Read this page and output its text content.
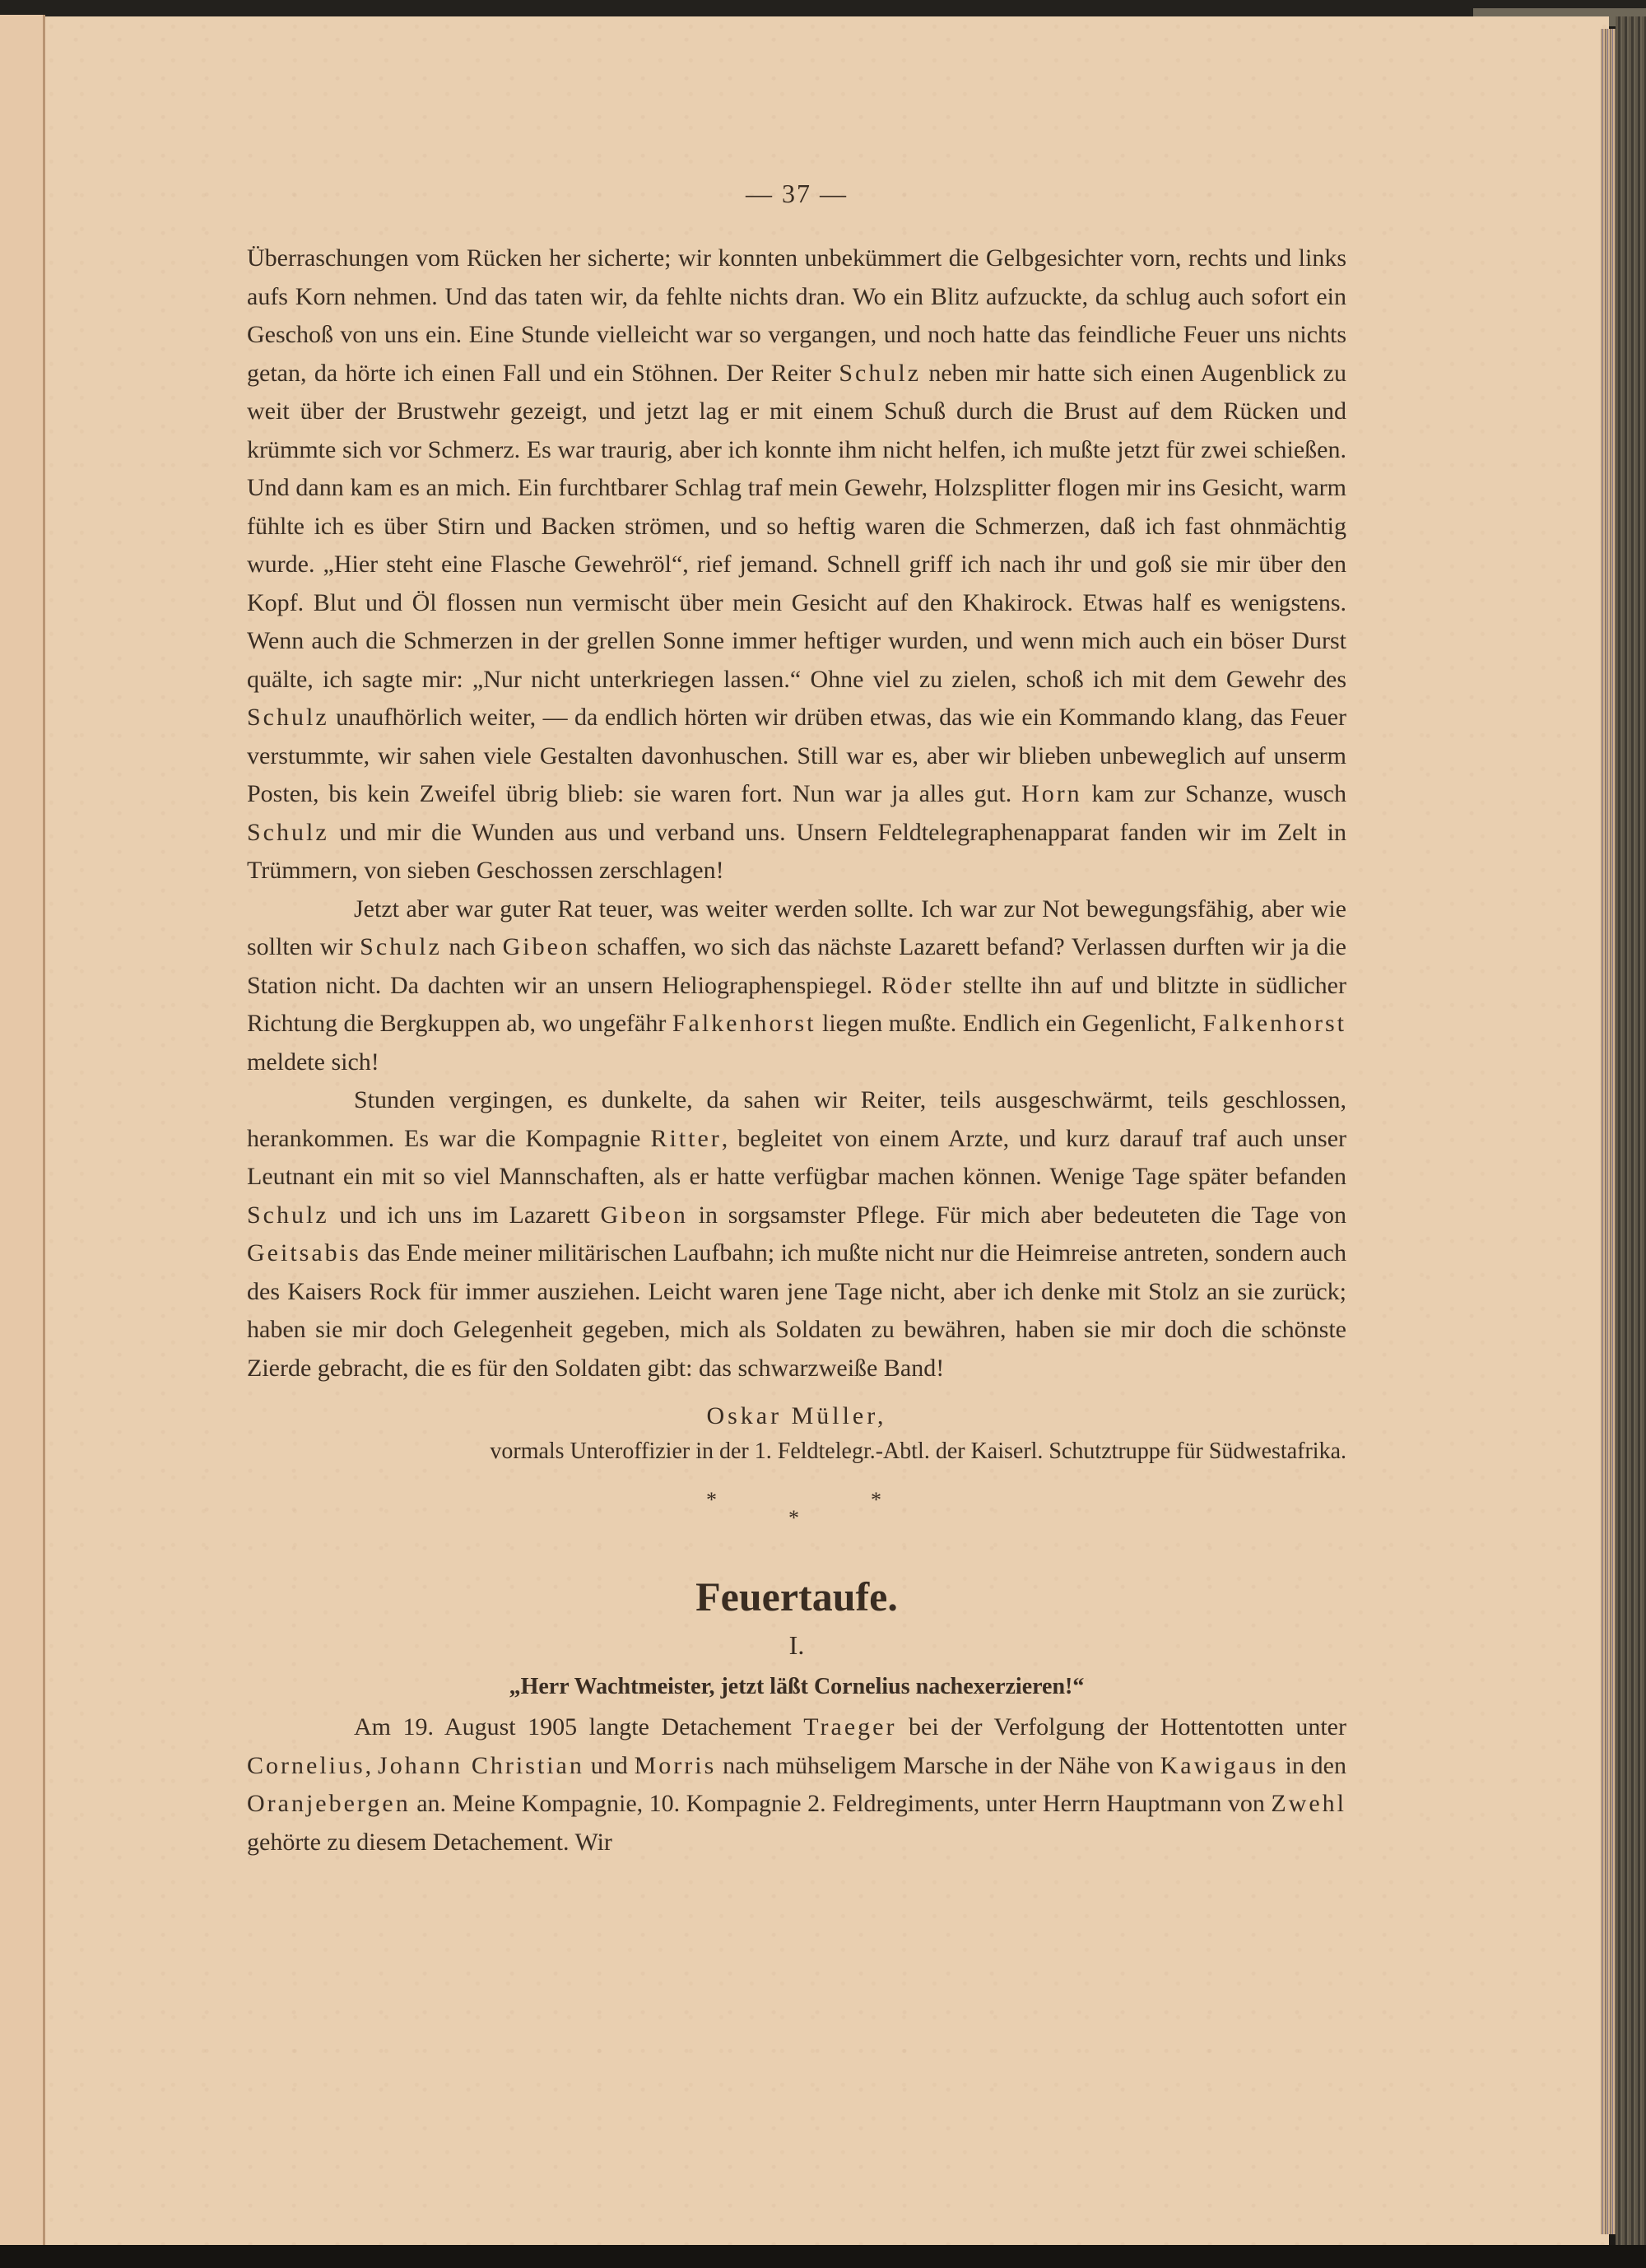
— 37 —

Überraschungen vom Rücken her sicherte; wir konnten unbekümmert die Gelbgesichter vorn, rechts und links aufs Korn nehmen. Und das taten wir, da fehlte nichts dran. Wo ein Blitz aufzuckte, da schlug auch sofort ein Geschoß von uns ein. Eine Stunde vielleicht war so vergangen, und noch hatte das feindliche Feuer uns nichts getan, da hörte ich einen Fall und ein Stöhnen. Der Reiter Schulz neben mir hatte sich einen Augenblick zu weit über der Brustwehr gezeigt, und jetzt lag er mit einem Schuß durch die Brust auf dem Rücken und krümmte sich vor Schmerz. Es war traurig, aber ich konnte ihm nicht helfen, ich mußte jetzt für zwei schießen. Und dann kam es an mich. Ein furchtbarer Schlag traf mein Gewehr, Holzsplitter flogen mir ins Gesicht, warm fühlte ich es über Stirn und Backen strömen, und so heftig waren die Schmerzen, daß ich fast ohnmächtig wurde. „Hier steht eine Flasche Gewehröl“, rief jemand. Schnell griff ich nach ihr und goß sie mir über den Kopf. Blut und Öl flossen nun vermischt über mein Gesicht auf den Khakirock. Etwas half es wenigstens. Wenn auch die Schmerzen in der grellen Sonne immer heftiger wurden, und wenn mich auch ein böser Durst quälte, ich sagte mir: „Nur nicht unterkriegen lassen.“ Ohne viel zu zielen, schoß ich mit dem Gewehr des Schulz unaufhörlich weiter, — da endlich hörten wir drüben etwas, das wie ein Kommando klang, das Feuer verstummte, wir sahen viele Gestalten davonhuschen. Still war es, aber wir blieben unbeweglich auf unserm Posten, bis kein Zweifel übrig blieb: sie waren fort. Nun war ja alles gut. Horn kam zur Schanze, wusch Schulz und mir die Wunden aus und verband uns. Unsern Feldtelegraphenapparat fanden wir im Zelt in Trümmern, von sieben Geschossen zerschlagen!

Jetzt aber war guter Rat teuer, was weiter werden sollte. Ich war zur Not bewegungsfähig, aber wie sollten wir Schulz nach Gibeon schaffen, wo sich das nächste Lazarett befand? Verlassen durften wir ja die Station nicht. Da dachten wir an unsern Heliographenspiegel. Röder stellte ihn auf und blitzte in südlicher Richtung die Bergkuppen ab, wo ungefähr Falkenhorst liegen mußte. Endlich ein Gegenlicht, Falkenhorst meldete sich!

Stunden vergingen, es dunkelte, da sahen wir Reiter, teils ausgeschwärmt, teils geschlossen, herankommen. Es war die Kompagnie Ritter, begleitet von einem Arzte, und kurz darauf traf auch unser Leutnant ein mit so viel Mannschaften, als er hatte verfügbar machen können. Wenige Tage später befanden Schulz und ich uns im Lazarett Gibeon in sorgsamster Pflege. Für mich aber bedeuteten die Tage von Geitsabis das Ende meiner militärischen Laufbahn; ich mußte nicht nur die Heimreise antreten, sondern auch des Kaisers Rock für immer ausziehen. Leicht waren jene Tage nicht, aber ich denke mit Stolz an sie zurück; haben sie mir doch Gelegenheit gegeben, mich als Soldaten zu bewähren, haben sie mir doch die schönste Zierde gebracht, die es für den Soldaten gibt: das schwarzweiße Band!

Oskar Müller,
vormals Unteroffizier in der 1. Feldtelegr.-Abtl. der Kaiserl. Schutztruppe für Südwestafrika.
*	*
*
Feuertaufe.
I.
„Herr Wachtmeister, jetzt läßt Cornelius nachexerzieren!“

Am 19. August 1905 langte Detachement Traeger bei der Verfolgung der Hottentotten unter Cornelius, Johann Christian und Morris nach mühseligem Marsche in der Nähe von Kawigaus in den Oranjebergen an. Meine Kompagnie, 10. Kompagnie 2. Feldregiments, unter Herrn Hauptmann von Zwehl gehörte zu diesem Detachement. Wir
